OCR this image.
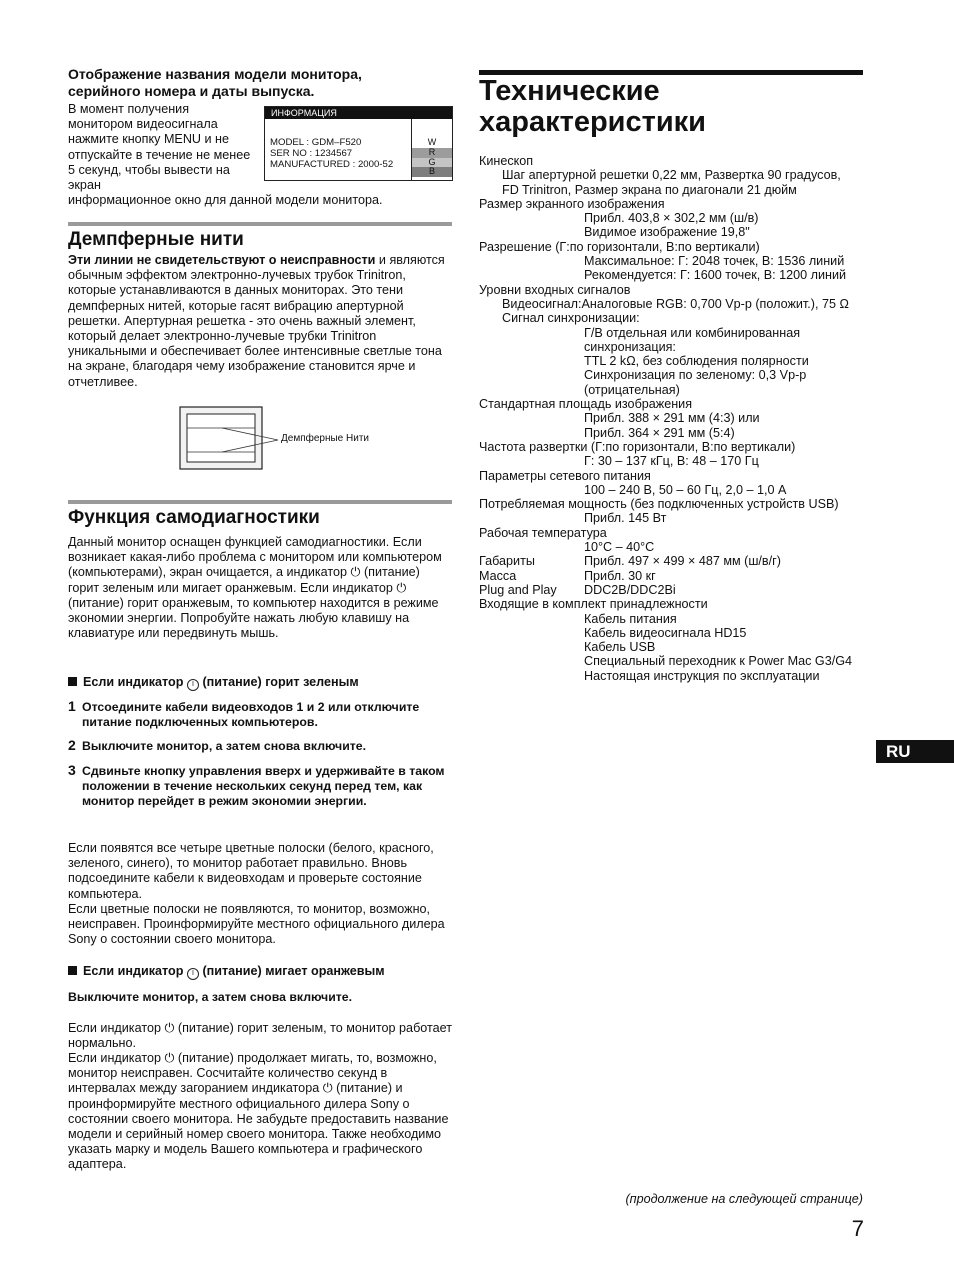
Отображение названия модели монитора, серийного номера и даты выпуска.

В момент получения монитором видеосигнала нажмите кнопку MENU и не отпускайте в течение не менее 5 секунд, чтобы вывести на экран

информационное окно для данной модели монитора.

ИНФОРМАЦИЯ
MODEL : GDM–F520
SER NO : 1234567
MANUFACTURED : 2000-52
W
R
G
B
Демпферные нити

Эти линии не свидетельствуют о неисправности и являются обычным эффектом электронно-лучевых трубок Trinitron, которые устанавливаются в данных мониторах. Это тени демпферных нитей, которые гасят вибрацию апертурной решетки. Апертурная решетка - это очень важный элемент, который делает электронно-лучевые трубки Trinitron уникальными и обеспечивает более интенсивные светлые тона на экране, благодаря чему изображение становится ярче и отчетливее.

Демпферные Нити
Функция самодиагностики

Данный монитор оснащен функцией самодиагностики. Если возникает какая-либо проблема с монитором или компьютером (компьютерами), экран очищается, а индикатор ⏻ (питание) горит зеленым или мигает оранжевым. Если индикатор ⏻ (питание) горит оранжевым, то компьютер находится в режиме экономии энергии. Попробуйте нажать любую клавишу на клавиатуре или передвинуть мышь.

Если индикатор I (питание) горит зеленым
1 Отсоедините кабели видеовходов 1 и 2 или отключите питание подключенных компьютеров.
2 Выключите монитор, а затем снова включите.
3 Сдвиньте кнопку управления вверх и удерживайте в таком положении в течение нескольких секунд перед тем, как монитор перейдет в режим экономии энергии.

Если появятся все четыре цветные полоски (белого, красного, зеленого, синего), то монитор работает правильно. Вновь подсоедините кабели к видеовходам и проверьте состояние компьютера.

Если цветные полоски не появляются, то монитор, возможно, неисправен. Проинформируйте местного официального дилера Sony о состоянии своего монитора.

Если индикатор I (питание) мигает оранжевым

Выключите монитор, а затем снова включите.

Если индикатор ⏻ (питание) горит зеленым, то монитор работает нормально.

Если индикатор ⏻ (питание) продолжает мигать, то, возможно, монитор неисправен. Сосчитайте количество секунд в интервалах между загоранием индикатора ⏻ (питание) и проинформируйте местного официального дилера Sony о состоянии своего монитора. Не забудьте предоставить название модели и серийный номер своего монитора. Также необходимо указать марку и модель Вашего компьютера и графического адаптера.

Технические характеристики
Кинескоп
Шаг апертурной решетки 0,22 мм, Развертка 90 градусов,
FD Trinitron, Размер экрана по диагонали 21 дюйм
Размер экранного изображения
Прибл. 403,8 × 302,2 мм (ш/в)
Видимое изображение 19,8"
Разрешение (Г:по горизонтали, В:по вертикали)
Максимальное: Г: 2048 точек, В: 1536 линий
Рекомендуется: Г: 1600 точек, В: 1200 линий
Уровни входных сигналов
Видеосигнал:Аналоговые RGB: 0,700 Vp-p (положит.), 75 Ω
Сигнал синхронизации:
Г/В отдельная или комбинированная
синхронизация:
TTL 2 kΩ, без соблюдения полярности
Синхронизация по зеленому: 0,3 Vp-p
(отрицательная)
Стандартная площадь изображения
Прибл. 388 × 291 мм (4:3) или
Прибл. 364 × 291 мм (5:4)
Частота развертки (Г:по горизонтали, В:по вертикали)
Г: 30 – 137 кГц, В: 48 – 170 Гц
Параметры сетевого питания
100 – 240 В, 50 – 60 Гц, 2,0 – 1,0 А
Потребляемая мощность (без подключенных устройств USB)
Прибл. 145 Вт
Рабочая температура
10°C – 40°C
Габариты	Прибл. 497 × 499 × 487 мм (ш/в/г)
Масса	Прибл. 30 кг
Plug and Play	DDC2B/DDC2Bi
Входящие в комплект принадлежности
Кабель питания
Кабель видеосигнала HD15
Кабель USB
Специальный переходник к Power Mac G3/G4
Настоящая инструкция по эксплуатации
RU
(продолжение на следующей странице)
7
